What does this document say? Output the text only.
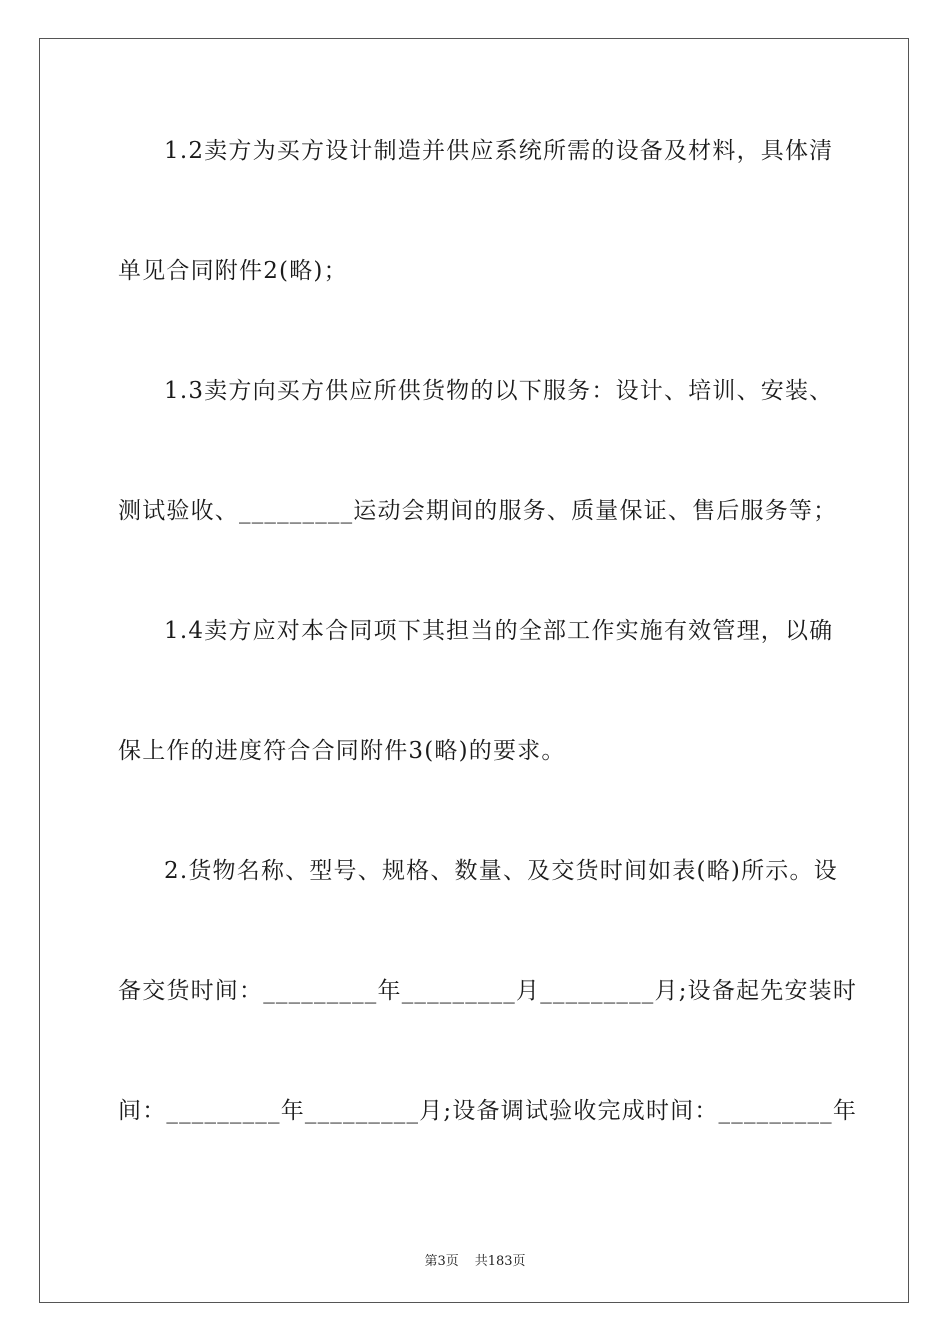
1.2卖方为买方设计制造并供应系统所需的设备及材料，具体清
单见合同附件2(略)；
1.3卖方向买方供应所供货物的以下服务：设计、培训、安装、
测试验收、_________运动会期间的服务、质量保证、售后服务等；
1.4卖方应对本合同项下其担当的全部工作实施有效管理，以确
保上作的进度符合合同附件3(略)的要求。
2.货物名称、型号、规格、数量、及交货时间如表(略)所示。设
备交货时间：_________年_________月_________月;设备起先安装时
间：_________年_________月;设备调试验收完成时间：_________年
第3页 共183页
